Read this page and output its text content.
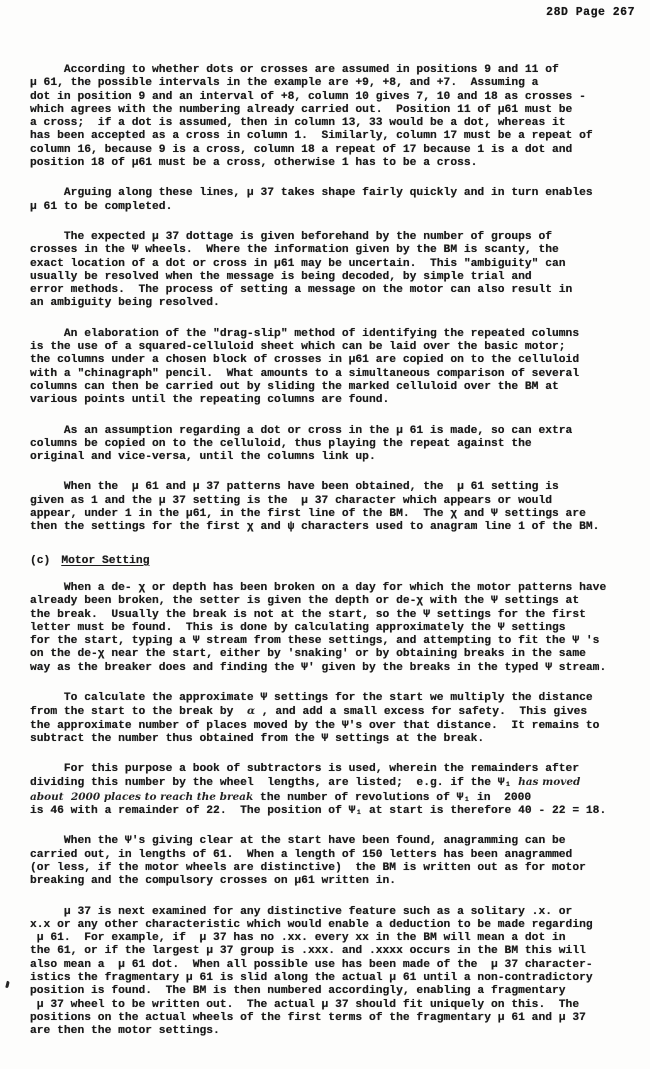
28D Page 267
According to whether dots or crosses are assumed in positions 9 and 11 of
μ 61, the possible intervals in the example are +9, +8, and +7.  Assuming a
dot in position 9 and an interval of +8, column 10 gives 7, 10 and 18 as crosses -
which agrees with the numbering already carried out.  Position 11 of μ61 must be
a cross;  if a dot is assumed, then in column 13, 33 would be a dot, whereas it
has been accepted as a cross in column 1.  Similarly, column 17 must be a repeat of
column 16, because 9 is a cross, column 18 a repeat of 17 because 1 is a dot and
position 18 of μ61 must be a cross, otherwise 1 has to be a cross.
Arguing along these lines, μ 37 takes shape fairly quickly and in turn enables
μ 61 to be completed.
The expected μ 37 dottage is given beforehand by the number of groups of
crosses in the Ψ wheels.  Where the information given by the BM is scanty, the
exact location of a dot or cross in μ61 may be uncertain.  This "ambiguity" can
usually be resolved when the message is being decoded, by simple trial and
error methods.  The process of setting a message on the motor can also result in
an ambiguity being resolved.
An elaboration of the "drag-slip" method of identifying the repeated columns
is the use of a squared-celluloid sheet which can be laid over the basic motor;
the columns under a chosen block of crosses in μ61 are copied on to the celluloid
with a "chinagraph" pencil.  What amounts to a simultaneous comparison of several
columns can then be carried out by sliding the marked celluloid over the BM at
various points until the repeating columns are found.
As an assumption regarding a dot or cross in the μ 61 is made, so can extra
columns be copied on to the celluloid, thus playing the repeat against the
original and vice-versa, until the columns link up.
When the  μ 61 and μ 37 patterns have been obtained, the  μ 61 setting is
given as 1 and the μ 37 setting is the  μ 37 character which appears or would
appear, under 1 in the μ61, in the first line of the BM.  The χ and Ψ settings are
then the settings for the first χ and ψ characters used to anagram line 1 of the BM.
(c) Motor Setting
When a de- χ or depth has been broken on a day for which the motor patterns have
already been broken, the setter is given the depth or de-χ with the Ψ settings at
the break.  Usually the break is not at the start, so the Ψ settings for the first
letter must be found.  This is done by calculating approximately the Ψ settings
for the start, typing a Ψ stream from these settings, and attempting to fit the Ψ 's
on the de-χ near the start, either by 'snaking' or by obtaining breaks in the same
way as the breaker does and finding the Ψ' given by the breaks in the typed Ψ stream.
To calculate the approximate Ψ settings for the start we multiply the distance
from the start to the break by  α , and add a small excess for safety.  This gives
the approximate number of places moved by the Ψ's over that distance.  It remains to
subtract the number thus obtained from the Ψ settings at the break.
For this purpose a book of subtractors is used, wherein the remainders after
dividing this number by the wheel  lengths, are listed;  e.g. if the Ψ₁ has moved
about  2000 places to reach the break the number of revolutions of Ψ₁ in  2000
is 46 with a remainder of 22.  The position of Ψ₁ at start is therefore 40 - 22 = 18.
When the Ψ's giving clear at the start have been found, anagramming can be
carried out, in lengths of 61.  When a length of 150 letters has been anagrammed
(or less, if the motor wheels are distinctive)  the BM is written out as for motor
breaking and the compulsory crosses on μ61 written in.
μ 37 is next examined for any distinctive feature such as a solitary .x. or
x.x or any other characteristic which would enable a deduction to be made regarding
μ 61.  For example, if  μ 37 has no .xx. every xx in the BM will mean a dot in
the 61, or if the largest μ 37 group is .xxx. and .xxxx occurs in the BM this will
also mean a  μ 61 dot.  When all possible use has been made of the  μ 37 character-
istics the fragmentary μ 61 is slid along the actual μ 61 until a non-contradictory
position is found.  The BM is then numbered accordingly, enabling a fragmentary
μ 37 wheel to be written out.  The actual μ 37 should fit uniquely on this.  The
positions on the actual wheels of the first terms of the fragmentary μ 61 and μ 37
are then the motor settings.
